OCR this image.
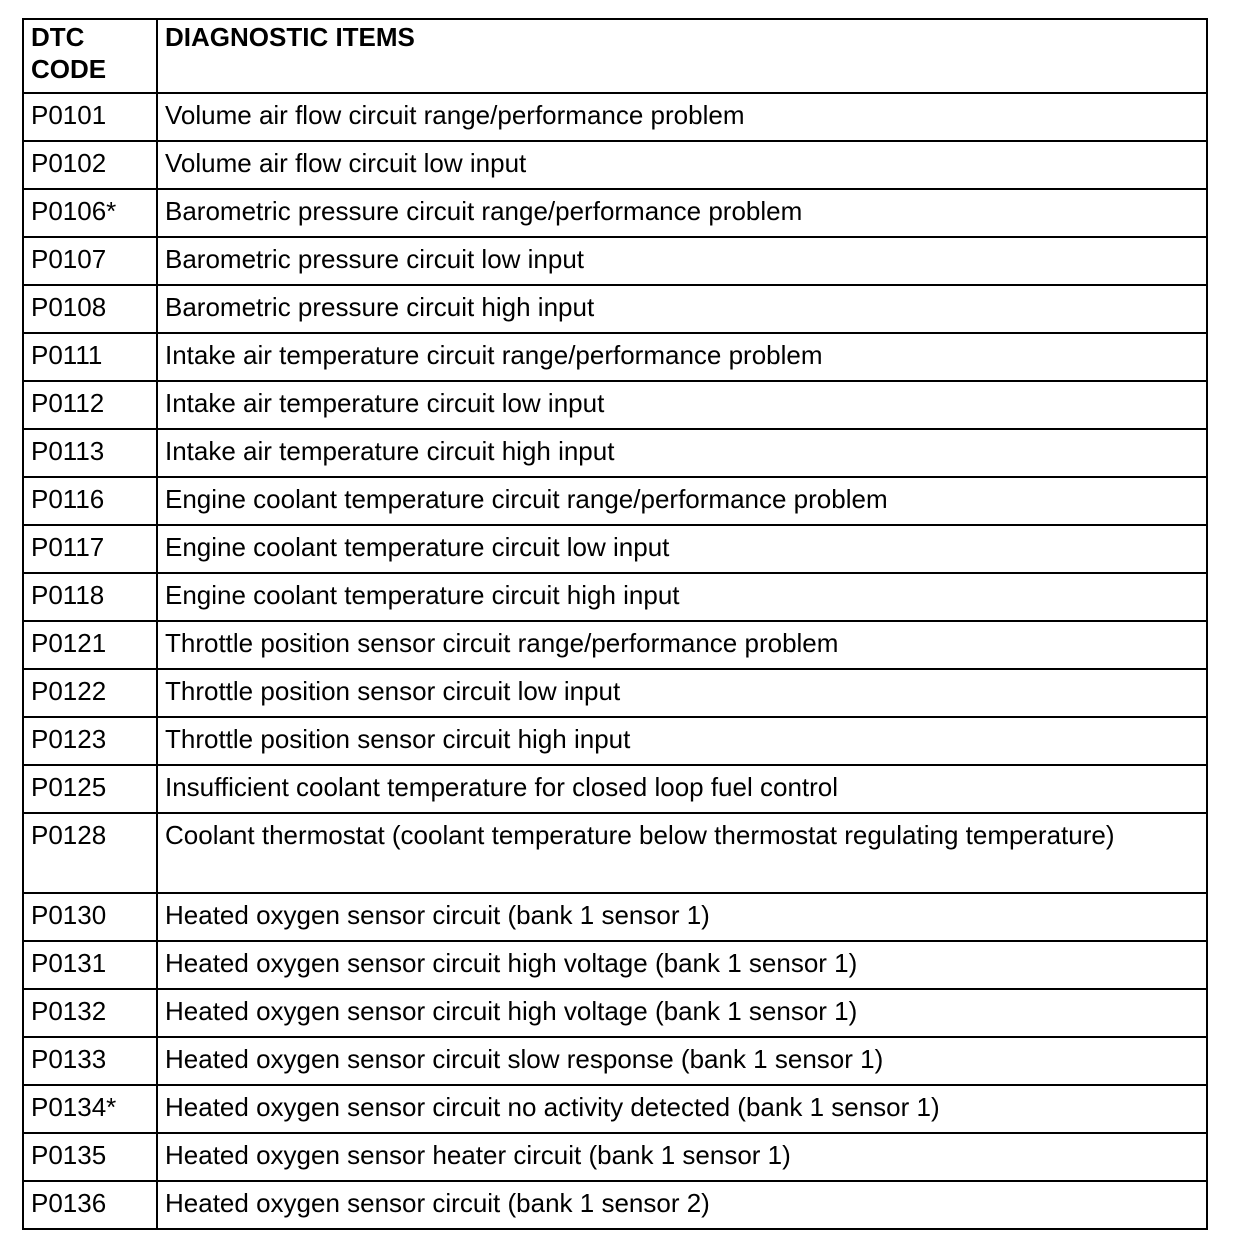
DTC
CODE	DIAGNOSTIC ITEMS
P0101	Volume air flow circuit range/performance problem
P0102	Volume air flow circuit low input
P0106*	Barometric pressure circuit range/performance problem
P0107	Barometric pressure circuit low input
P0108	Barometric pressure circuit high input
P0111	Intake air temperature circuit range/performance problem
P0112	Intake air temperature circuit low input
P0113	Intake air temperature circuit high input
P0116	Engine coolant temperature circuit range/performance problem
P0117	Engine coolant temperature circuit low input
P0118	Engine coolant temperature circuit high input
P0121	Throttle position sensor circuit range/performance problem
P0122	Throttle position sensor circuit low input
P0123	Throttle position sensor circuit high input
P0125	Insufficient coolant temperature for closed loop fuel control
P0128	Coolant thermostat (coolant temperature below thermostat regulating temperature)
P0130	Heated oxygen sensor circuit (bank 1 sensor 1)
P0131	Heated oxygen sensor circuit high voltage (bank 1 sensor 1)
P0132	Heated oxygen sensor circuit high voltage (bank 1 sensor 1)
P0133	Heated oxygen sensor circuit slow response (bank 1 sensor 1)
P0134*	Heated oxygen sensor circuit no activity detected (bank 1 sensor 1)
P0135	Heated oxygen sensor heater circuit (bank 1 sensor 1)
P0136	Heated oxygen sensor circuit (bank 1 sensor 2)
